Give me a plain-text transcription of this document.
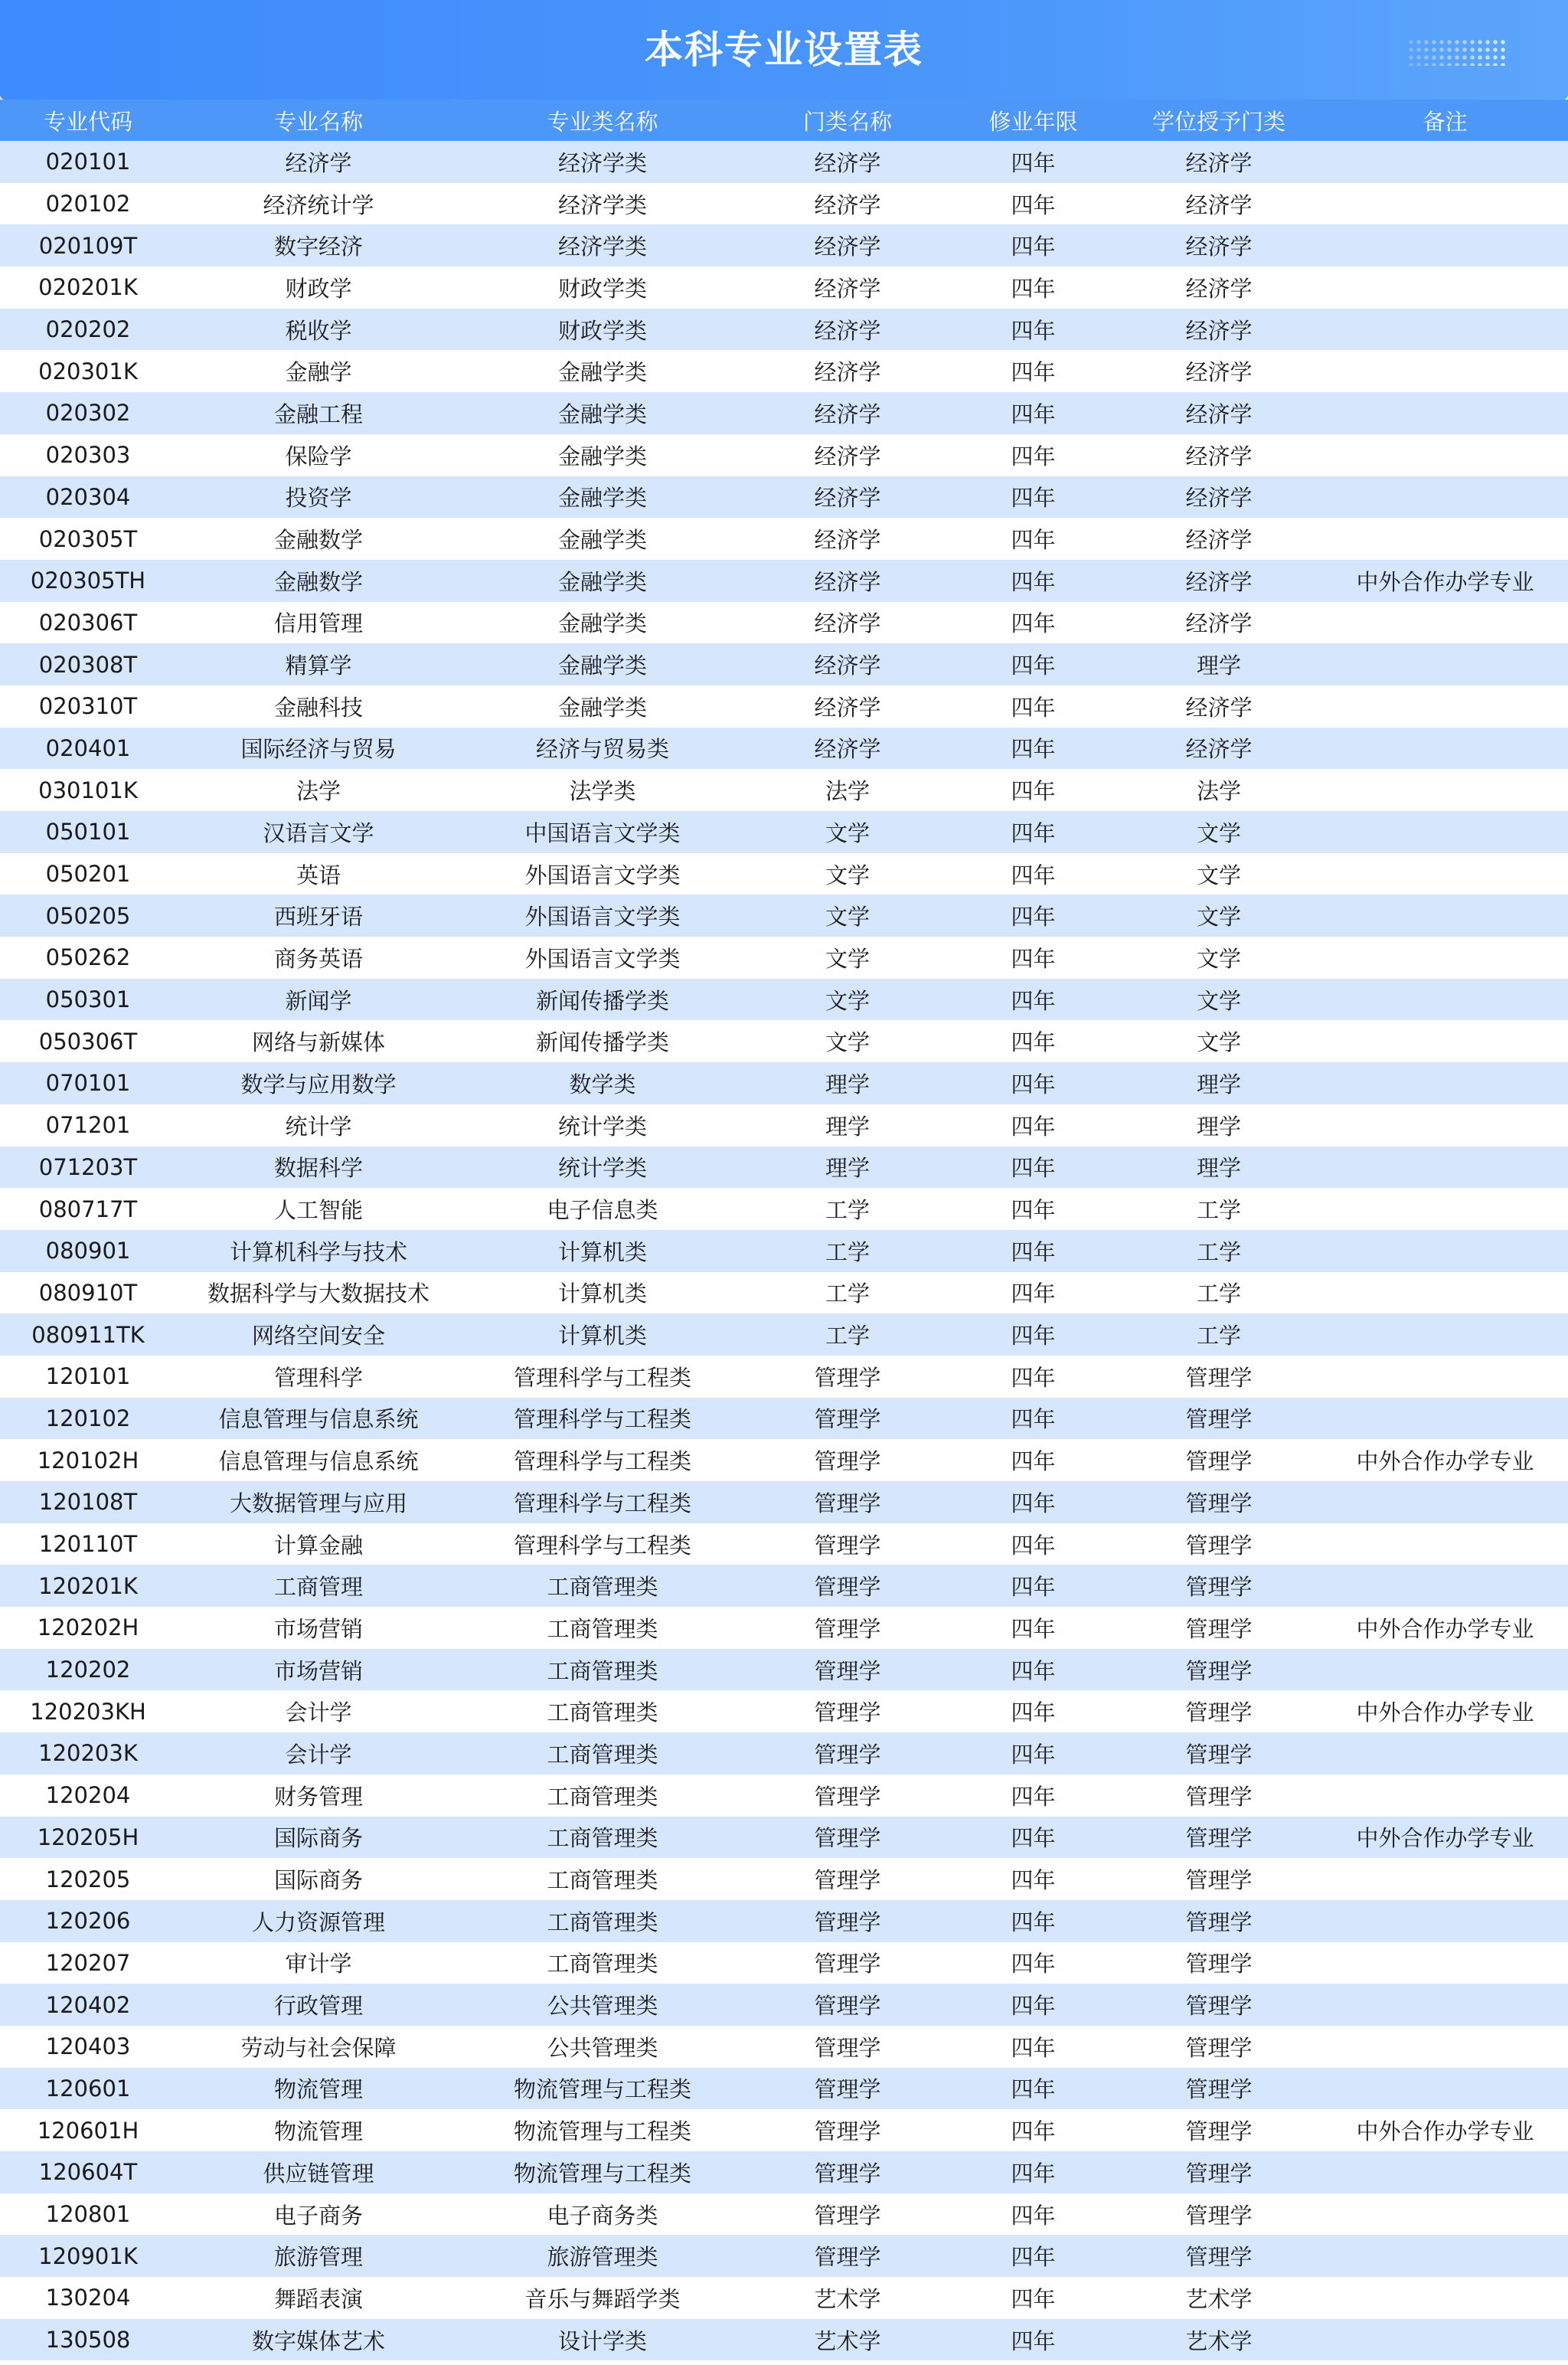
本科专业设置表
专业代码	专业名称	专业类名称	门类名称	修业年限	学位授予门类	备注
020101	经济学	经济学类	经济学	四年	经济学	
020102	经济统计学	经济学类	经济学	四年	经济学	
020109T	数字经济	经济学类	经济学	四年	经济学	
020201K	财政学	财政学类	经济学	四年	经济学	
020202	税收学	财政学类	经济学	四年	经济学	
020301K	金融学	金融学类	经济学	四年	经济学	
020302	金融工程	金融学类	经济学	四年	经济学	
020303	保险学	金融学类	经济学	四年	经济学	
020304	投资学	金融学类	经济学	四年	经济学	
020305T	金融数学	金融学类	经济学	四年	经济学	
020305TH	金融数学	金融学类	经济学	四年	经济学	中外合作办学专业
020306T	信用管理	金融学类	经济学	四年	经济学	
020308T	精算学	金融学类	经济学	四年	理学	
020310T	金融科技	金融学类	经济学	四年	经济学	
020401	国际经济与贸易	经济与贸易类	经济学	四年	经济学	
030101K	法学	法学类	法学	四年	法学	
050101	汉语言文学	中国语言文学类	文学	四年	文学	
050201	英语	外国语言文学类	文学	四年	文学	
050205	西班牙语	外国语言文学类	文学	四年	文学	
050262	商务英语	外国语言文学类	文学	四年	文学	
050301	新闻学	新闻传播学类	文学	四年	文学	
050306T	网络与新媒体	新闻传播学类	文学	四年	文学	
070101	数学与应用数学	数学类	理学	四年	理学	
071201	统计学	统计学类	理学	四年	理学	
071203T	数据科学	统计学类	理学	四年	理学	
080717T	人工智能	电子信息类	工学	四年	工学	
080901	计算机科学与技术	计算机类	工学	四年	工学	
080910T	数据科学与大数据技术	计算机类	工学	四年	工学	
080911TK	网络空间安全	计算机类	工学	四年	工学	
120101	管理科学	管理科学与工程类	管理学	四年	管理学	
120102	信息管理与信息系统	管理科学与工程类	管理学	四年	管理学	
120102H	信息管理与信息系统	管理科学与工程类	管理学	四年	管理学	中外合作办学专业
120108T	大数据管理与应用	管理科学与工程类	管理学	四年	管理学	
120110T	计算金融	管理科学与工程类	管理学	四年	管理学	
120201K	工商管理	工商管理类	管理学	四年	管理学	
120202H	市场营销	工商管理类	管理学	四年	管理学	中外合作办学专业
120202	市场营销	工商管理类	管理学	四年	管理学	
120203KH	会计学	工商管理类	管理学	四年	管理学	中外合作办学专业
120203K	会计学	工商管理类	管理学	四年	管理学	
120204	财务管理	工商管理类	管理学	四年	管理学	
120205H	国际商务	工商管理类	管理学	四年	管理学	中外合作办学专业
120205	国际商务	工商管理类	管理学	四年	管理学	
120206	人力资源管理	工商管理类	管理学	四年	管理学	
120207	审计学	工商管理类	管理学	四年	管理学	
120402	行政管理	公共管理类	管理学	四年	管理学	
120403	劳动与社会保障	公共管理类	管理学	四年	管理学	
120601	物流管理	物流管理与工程类	管理学	四年	管理学	
120601H	物流管理	物流管理与工程类	管理学	四年	管理学	中外合作办学专业
120604T	供应链管理	物流管理与工程类	管理学	四年	管理学	
120801	电子商务	电子商务类	管理学	四年	管理学	
120901K	旅游管理	旅游管理类	管理学	四年	管理学	
130204	舞蹈表演	音乐与舞蹈学类	艺术学	四年	艺术学	
130508	数字媒体艺术	设计学类	艺术学	四年	艺术学	
